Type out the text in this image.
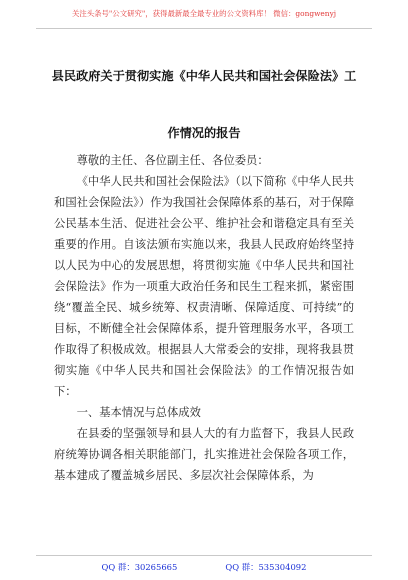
关注头条号"公文研究"，获得最新最全最专业的公文资料库！ 微信：gongwenyj
县民政府关于贯彻实施《中华人民共和国社会保险法》工
作情况的报告

尊敬的主任、各位副主任、各位委员：

《中华人民共和国社会保险法》（以下简称《中华人民共和国社会保险法》）作为我国社会保障体系的基石，对于保障公民基本生活、促进社会公平、维护社会和谐稳定具有至关重要的作用。自该法颁布实施以来，我县人民政府始终坚持以人民为中心的发展思想，将贯彻实施《中华人民共和国社会保险法》作为一项重大政治任务和民生工程来抓，紧密围绕“覆盖全民、城乡统筹、权责清晰、保障适度、可持续”的目标，不断健全社会保障体系，提升管理服务水平，各项工作取得了积极成效。根据县人大常委会的安排，现将我县贯彻实施《中华人民共和国社会保险法》的工作情况报告如下：

一、基本情况与总体成效

在县委的坚强领导和县人大的有力监督下，我县人民政府统筹协调各相关职能部门，扎实推进社会保险各项工作，基本建成了覆盖城乡居民、多层次社会保障体系，为

QQ 群：30265665	QQ 群：535304092
